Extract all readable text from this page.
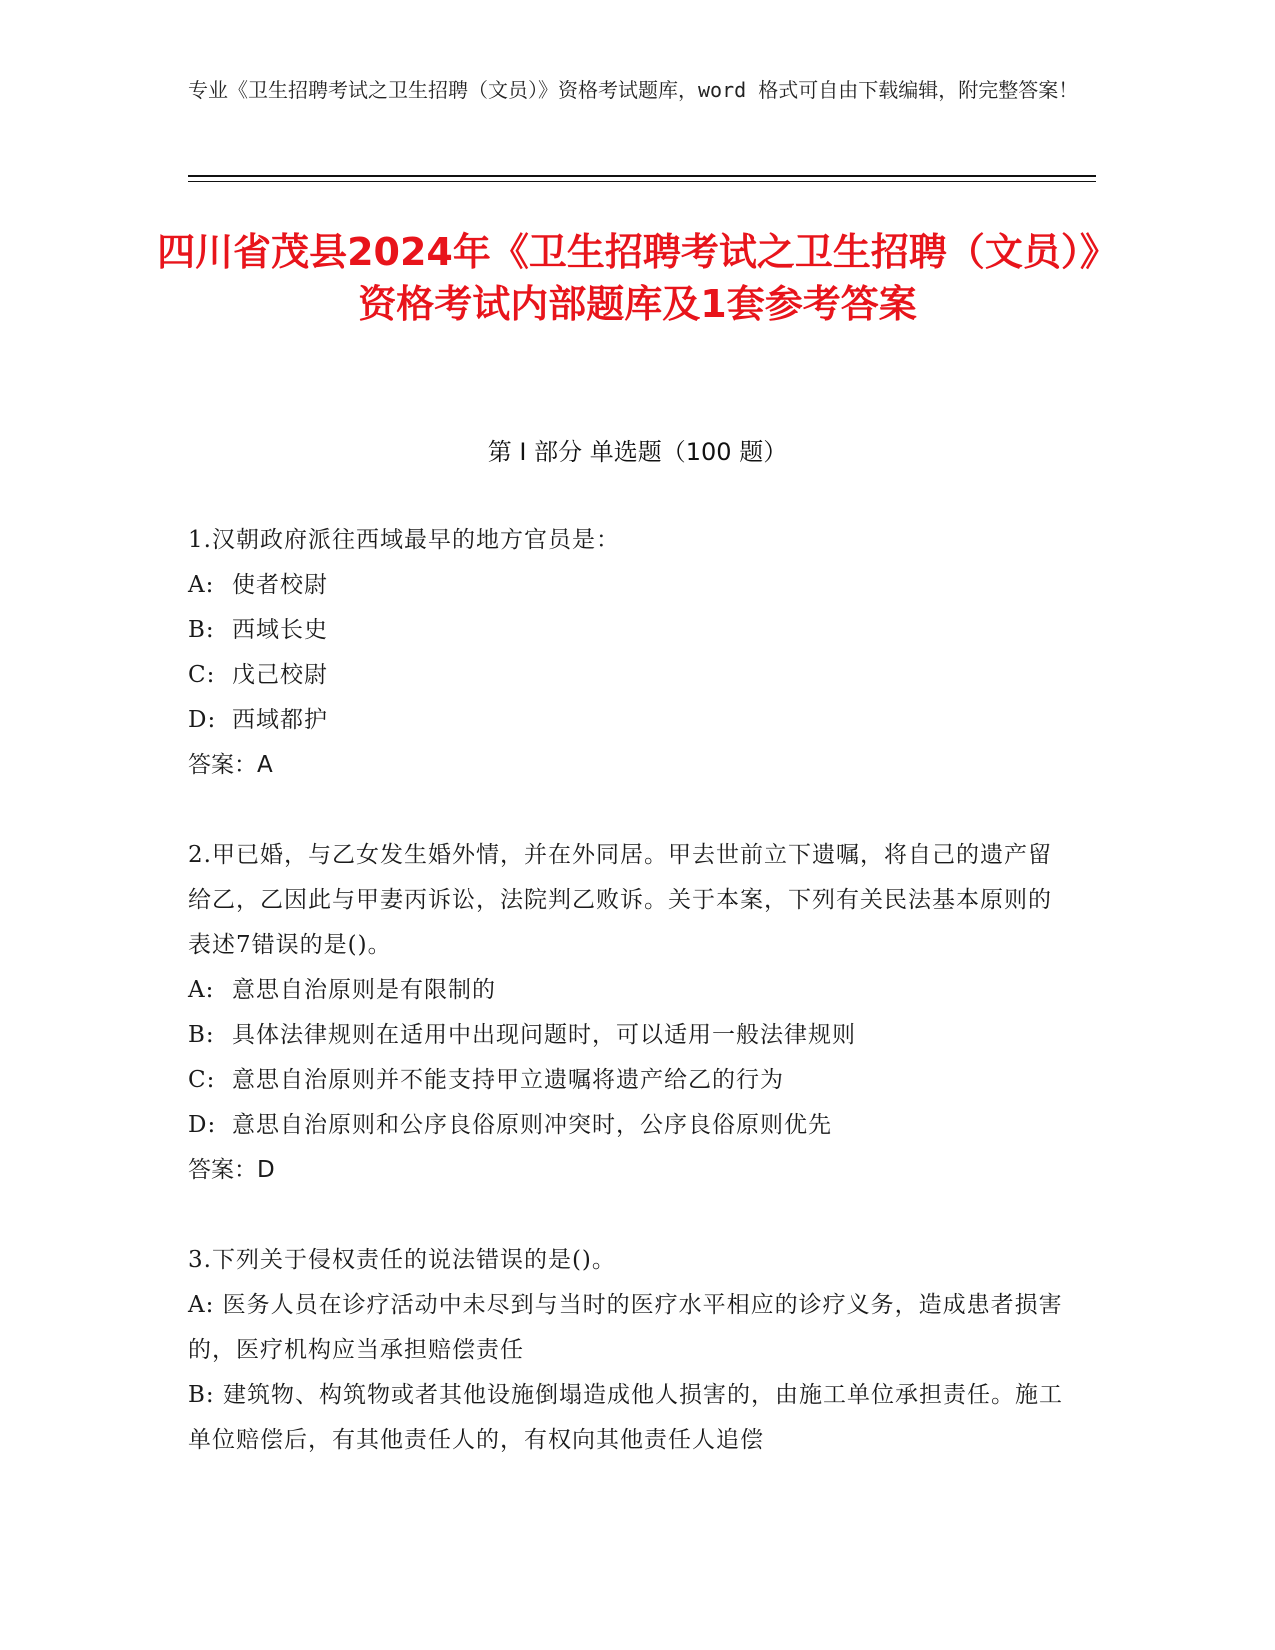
专业《卫生招聘考试之卫生招聘（文员）》资格考试题库，word 格式可自由下载编辑，附完整答案！
四川省茂县2024年《卫生招聘考试之卫生招聘（文员）》资格考试内部题库及1套参考答案
第 I 部分 单选题（100 题）
1.汉朝政府派往西域最早的地方官员是：
A: 使者校尉
B: 西域长史
C: 戊己校尉
D: 西域都护
答案：A
2.甲已婚，与乙女发生婚外情，并在外同居。甲去世前立下遗嘱，将自己的遗产留给乙，乙因此与甲妻丙诉讼，法院判乙败诉。关于本案，下列有关民法基本原则的表述7错误的是()。
A: 意思自治原则是有限制的
B: 具体法律规则在适用中出现问题时，可以适用一般法律规则
C: 意思自治原则并不能支持甲立遗嘱将遗产给乙的行为
D: 意思自治原则和公序良俗原则冲突时，公序良俗原则优先
答案：D
3.下列关于侵权责任的说法错误的是()。
A: 医务人员在诊疗活动中未尽到与当时的医疗水平相应的诊疗义务，造成患者损害的，医疗机构应当承担赔偿责任
B: 建筑物、构筑物或者其他设施倒塌造成他人损害的，由施工单位承担责任。施工单位赔偿后，有其他责任人的，有权向其他责任人追偿
